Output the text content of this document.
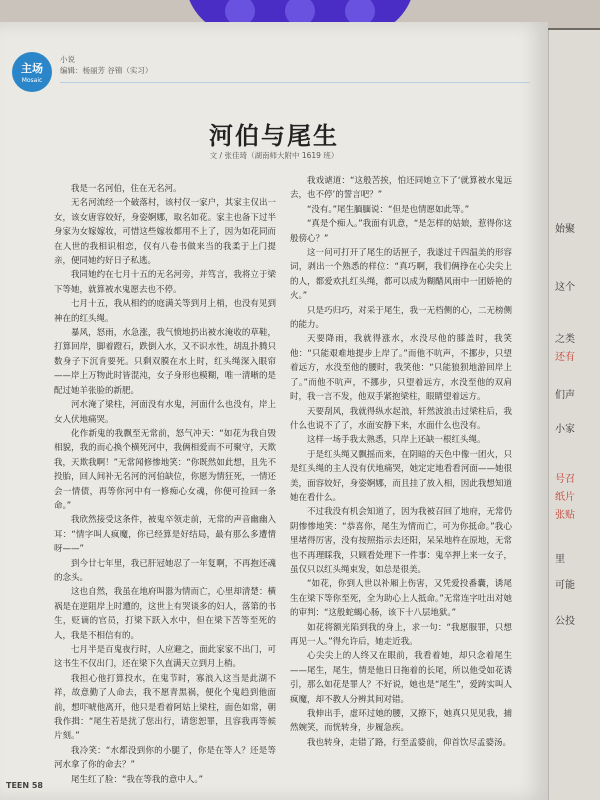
始聚
这个
之类
还有
们声
小家
号召
纸片
张贴
里
可能
公投
主场
Mosaic
小说
编辑：杨丽芳 谷锦（实习）
河伯与尾生
文 / 张佳琦（湖南师大附中 1619 班）

我是一名河伯，住在无名河。

无名河流经一个破落村，该村仅一家户，其家主仅出一女，该女唐容姣好，身姿婀娜，取名如花。家主也备下过半身家为女嫁嫁妆，可惜这些嫁妆都用不上了，因为如花同而在人世的我相识相恋，仅有八卷书做来当的我柔于上门提亲，便同她约好日子私逃。

我同她约在七月十五的无名河旁，并笃言，我将立于梁下等她，就算被水鬼愿去也不停。

七月十五，我从相约的庭满关等到月上梢，也没有见到神在的红头绳。

暴风，怒雨，水急涨，我气愤地扔出被水淹收的草鞋，打算回岸，脚着蹬石，跌倒入水，又不识水性，胡乱扑腾只数身子下沉肯要死。只剩双膜在水上时，红头绳深入眼帘——岸上万物此时皆混沌，女子身形也模糊，唯一清晰的是配过她羊张脸的新肥。

河水淹了梁柱，河面没有水鬼，河面什么也没有，岸上女人伏地痛哭。

化作新鬼的我飘至无常前，怒气冲天：“如花为我自毁相貌，我的而心换个横死河中，我俩相爱而不可聚守，天欺我，天欺我啊！”无常闻修惨地笑：“你既然如此想，且先不投胎，回人间补无名河的河伯缺位，你愿为情狂死，一情还会一情债，再等你河中有一修痴心女魂，你便可捡回一条命。”

我欣然接受这条件，被鬼卒领走前，无常的声音幽幽入耳：“情字叫人疯魔，你已经算是好结局，最有那么多遭情呀——”

到今廿七年里，我已肝冠她忍了一年复啊，不再抱还魂的念头。

这也自然，我虽在地府叫嚣为情而亡，心里却清楚：横祸是在逆阻岸上时遭的，这世上有哭谈多的妇人，落第的书生，贬谪的官员，打梁下跃入水中，但在梁下苦等至死的人，我是不相信有的。

七月半是百鬼夜行时，人应避之，面此家家不出门，可这书生不仅出门，还在梁下久直满天立到月上梢。

我担心他打算投水，在鬼节时，寡浪入这当是此湖不祥，故意勤了人命去，我不愿青黑祸，便化个鬼趋到他面前，想吓唬他离开，他只是看着阿姑上梁柱，面色如常，朝我作揖：“尾生若是扰了您出行，请您恕罪，且容我再等候片刻。”

我冷笑：“水都没到你的小腿了，你是在等人？还是等河水拿了你的命去？”

尾生红了脸：“我在等我的意中人。”

我戏谑道：“这般苦挨，怕还同她立下了‘就算被水鬼远去，也不停’的誓言吧？”

“没有。”尾生腼腼说：“但是也情愿如此等。”

“真是个痴人。”我面有讥意，“是怎样的姑娘，惹得你这般傍心？”

这一问可打开了尾生的话匣子，我遂过千四温美的形容词，剥出一个熟悉的样位：“真巧啊，我们俩挣在心尖尖上的人，都爱欢扎红头绳，都可以成为糊醋风雨中一团娇艳的火。”

只是巧归巧，对采于尾生，我一无档侧的心，二无榜侧的能力。

天要降雨，我就得涨水，水没尽他的膝盖时，我笑他：“只能艰难地提步上岸了。”而他不吭声，不挪步，只望着远方，水没至他的腰时，我笑他：“只能狼狈地游回岸上了。”而他不吭声，不挪步，只望着远方，水没至他的双肩时，我一言不发，他双手紧抱梁柱，眼睛望着远方。

天要刮风，我就得纵水起浪，轩然波浪击过梁柱后，我什么也说不了了，水面安静下来，水面什么也没有。

这样一场手我太熟悉，只岸上还缺一根红头绳。

于是红头绳又飘摇而来，在阴暗的天色中像一团火，只是红头绳的主人没有伏地痛哭，她定定地看看河面——她很美，面容姣好，身姿婀娜，而且挂了放入相，因此我想知道她在看什么。

不过我没有机会知道了，因为我被召回了地府，无常仍阴惨惨地笑：“恭喜你，尾生为情而亡，可为你抵命。”我心里堵得厉害，没有按照指示去还阳，呆呆地杵在原地，无常也不再理睬我，只顾看处理下一件事：鬼卒押上来一女子，虽仅只以红头绳束发，如总是很美。

“如花，你到人世以补厢上伤害，又凭爱投番囊，诱尾生在梁下等你至死，全为助心上人抵命。”无常连字吐出对她的审判：“这般蛇蝎心肠，该下十八层地狱。”

如花将额光陷到我的身上，求一句：“我愿服罪，只想再见一人。”得允许后，她走近我。

心尖尖上的人终又在眼前，我看着她，却只念着尾生——尾生，尾生，情是他日日拖着的长尾，所以他受如花诱引，那么如花是罪人？不好说，她也是“尾生”，爱踌实叫人疯魔，却不教人分辨其间对错。

我伸出手，虚环过她的腰，又撩下，她真只见见我，捕然婉笑，而恍转身，步履急疾。

我也转身，走错了路，行至孟婆前，仰首饮尽孟婆汤。

TEEN 58
